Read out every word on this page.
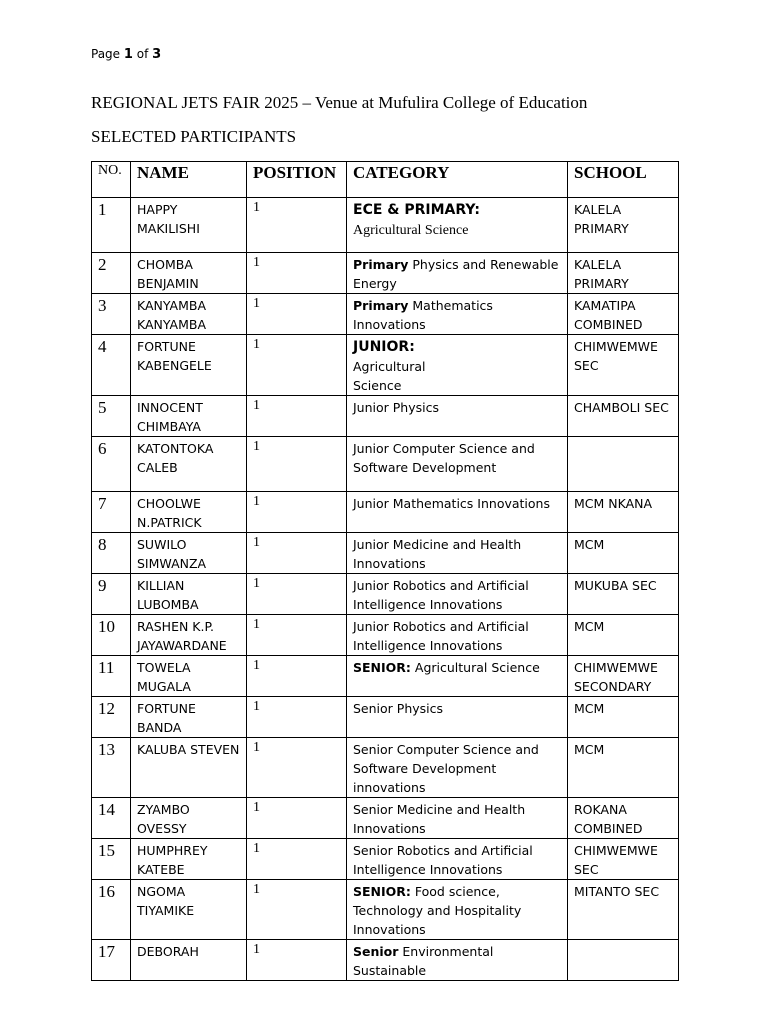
Page 1 of 3
REGIONAL JETS FAIR 2025 – Venue at Mufulira College of Education
SELECTED PARTICIPANTS
NO.	NAME	POSITION	CATEGORY	SCHOOL
1	HAPPY MAKILISHI	1	ECE & PRIMARY:
Agricultural Science	KALELA PRIMARY
2	CHOMBA BENJAMIN	1	Primary Physics and Renewable Energy	KALELA PRIMARY
3	KANYAMBA KANYAMBA	1	Primary Mathematics Innovations	KAMATIPA COMBINED
4	FORTUNE KABENGELE	1	JUNIOR:
Agricultural Science	CHIMWEMWE SEC
5	INNOCENT CHIMBAYA	1	Junior Physics	CHAMBOLI SEC
6	KATONTOKA CALEB	1	Junior Computer Science and Software Development	
7	CHOOLWE N.PATRICK	1	Junior Mathematics Innovations	MCM NKANA
8	SUWILO SIMWANZA	1	Junior Medicine and Health Innovations	MCM
9	KILLIAN LUBOMBA	1	Junior Robotics and Artificial Intelligence Innovations	MUKUBA SEC
10	RASHEN K.P. JAYAWARDANE	1	Junior Robotics and Artificial Intelligence Innovations	MCM
11	TOWELA MUGALA	1	SENIOR: Agricultural Science	CHIMWEMWE SECONDARY
12	FORTUNE BANDA	1	Senior Physics	MCM
13	KALUBA STEVEN	1	Senior Computer Science and Software Development innovations	MCM
14	ZYAMBO OVESSY	1	Senior Medicine and Health Innovations	ROKANA COMBINED
15	HUMPHREY KATEBE	1	Senior Robotics and Artificial Intelligence Innovations	CHIMWEMWE SEC
16	NGOMA TIYAMIKE	1	SENIOR: Food science, Technology and Hospitality Innovations	MITANTO SEC
17	DEBORAH	1	Senior Environmental Sustainable	
